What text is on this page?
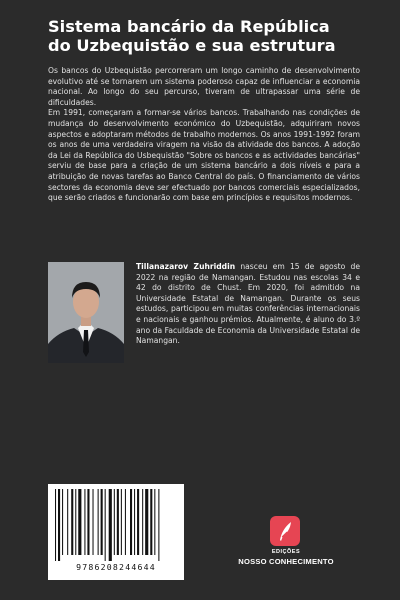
Sistema bancário da República
do Uzbequistão e sua estrutura

Os bancos do Uzbequistão percorreram um longo caminho de desenvolvimento evolutivo até se tornarem um sistema poderoso capaz de influenciar a economia nacional. Ao longo do seu percurso, tiveram de ultrapassar uma série de dificuldades.

Em 1991, começaram a formar-se vários bancos. Trabalhando nas condições de mudança do desenvolvimento económico do Uzbequistão, adquiriram novos aspectos e adoptaram métodos de trabalho modernos. Os anos 1991-1992 foram os anos de uma verdadeira viragem na visão da atividade dos bancos. A adoção da Lei da República do Usbequistão "Sobre os bancos e as actividades bancárias" serviu de base para a criação de um sistema bancário a dois níveis e para a atribuição de novas tarefas ao Banco Central do país. O financiamento de vários sectores da economia deve ser efectuado por bancos comerciais especializados, que serão criados e funcionarão com base em princípios e requisitos modernos.

Tillanazarov Zuhriddin nasceu em 15 de agosto de 2022 na região de Namangan. Estudou nas escolas 34 e 42 do distrito de Chust. Em 2020, foi admitido na Universidade Estatal de Namangan. Durante os seus estudos, participou em muitas conferências internacionais e nacionais e ganhou prémios. Atualmente, é aluno do 3.º ano da Faculdade de Economia da Universidade Estatal de Namangan.

9786208244644
EDIÇÕES
NOSSO CONHECIMENTO
